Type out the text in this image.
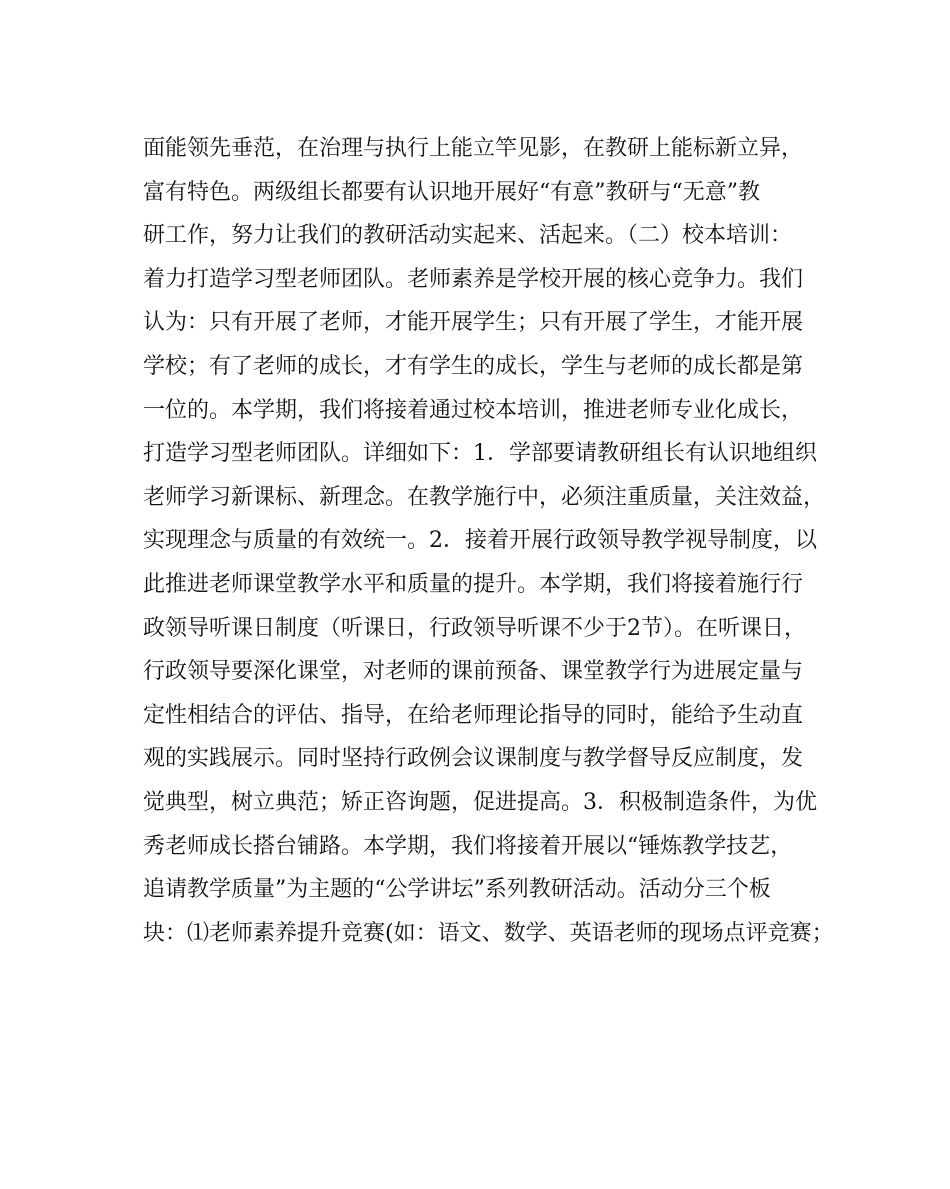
面能领先垂范，在治理与执行上能立竿见影，在教研上能标新立异，
富有特色。两级组长都要有认识地开展好“有意”教研与“无意”教
研工作，努力让我们的教研活动实起来、活起来。（二）校本培训：
着力打造学习型老师团队。老师素养是学校开展的核心竞争力。我们
认为：只有开展了老师，才能开展学生；只有开展了学生，才能开展
学校；有了老师的成长，才有学生的成长，学生与老师的成长都是第
一位的。本学期，我们将接着通过校本培训，推进老师专业化成长，
打造学习型老师团队。详细如下：1．学部要请教研组长有认识地组织
老师学习新课标、新理念。在教学施行中，必须注重质量，关注效益，
实现理念与质量的有效统一。2．接着开展行政领导教学视导制度，以
此推进老师课堂教学水平和质量的提升。本学期，我们将接着施行行
政领导听课日制度（听课日，行政领导听课不少于2节）。在听课日，
行政领导要深化课堂，对老师的课前预备、课堂教学行为进展定量与
定性相结合的评估、指导，在给老师理论指导的同时，能给予生动直
观的实践展示。同时坚持行政例会议课制度与教学督导反应制度，发
觉典型，树立典范；矫正咨询题，促进提高。3．积极制造条件，为优
秀老师成长搭台铺路。本学期，我们将接着开展以“锤炼教学技艺，
追请教学质量”为主题的“公学讲坛”系列教研活动。活动分三个板
块：⑴老师素养提升竞赛(如：语文、数学、英语老师的现场点评竞赛；
